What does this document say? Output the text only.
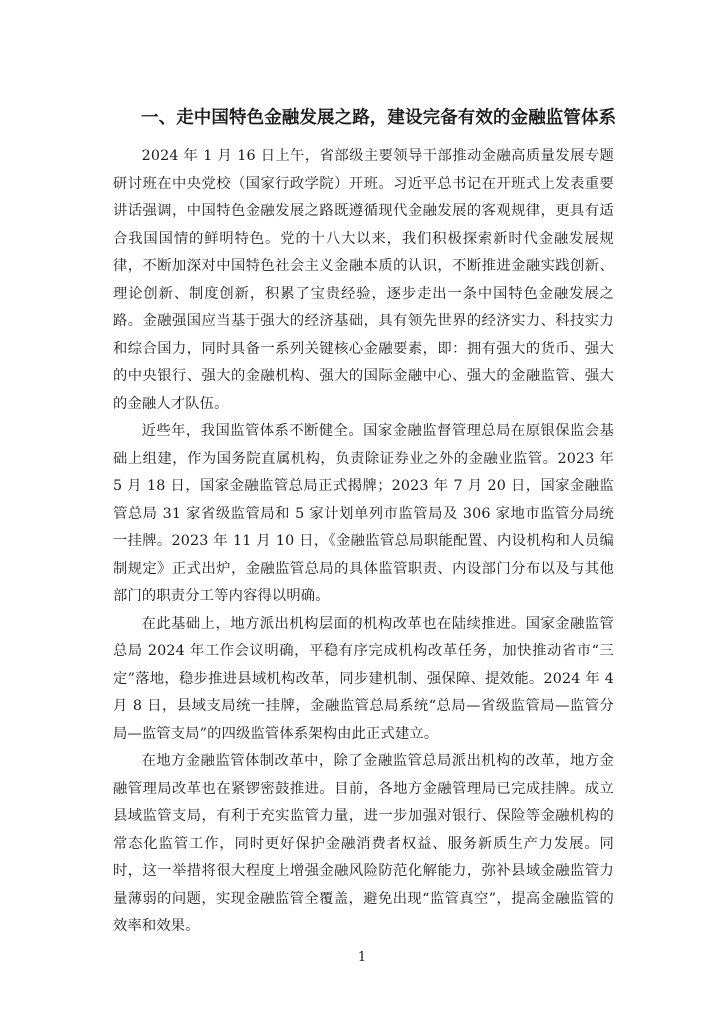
一、走中国特色金融发展之路，建设完备有效的金融监管体系

2024 年 1 月 16 日上午，省部级主要领导干部推动金融高质量发展专题研讨班在中央党校（国家行政学院）开班。习近平总书记在开班式上发表重要讲话强调，中国特色金融发展之路既遵循现代金融发展的客观规律，更具有适合我国国情的鲜明特色。党的十八大以来，我们积极探索新时代金融发展规律，不断加深对中国特色社会主义金融本质的认识，不断推进金融实践创新、理论创新、制度创新，积累了宝贵经验，逐步走出一条中国特色金融发展之路。金融强国应当基于强大的经济基础，具有领先世界的经济实力、科技实力和综合国力，同时具备一系列关键核心金融要素，即：拥有强大的货币、强大的中央银行、强大的金融机构、强大的国际金融中心、强大的金融监管、强大的金融人才队伍。

近些年，我国监管体系不断健全。国家金融监督管理总局在原银保监会基础上组建，作为国务院直属机构，负责除证券业之外的金融业监管。2023 年 5 月 18 日，国家金融监管总局正式揭牌；2023 年 7 月 20 日，国家金融监管总局 31 家省级监管局和 5 家计划单列市监管局及 306 家地市监管分局统一挂牌。2023 年 11 月 10 日，《金融监管总局职能配置、内设机构和人员编制规定》正式出炉，金融监管总局的具体监管职责、内设部门分布以及与其他部门的职责分工等内容得以明确。

在此基础上，地方派出机构层面的机构改革也在陆续推进。国家金融监管总局 2024 年工作会议明确，平稳有序完成机构改革任务，加快推动省市“三定”落地，稳步推进县域机构改革，同步建机制、强保障、提效能。2024 年 4 月 8 日，县域支局统一挂牌，金融监管总局系统“总局—省级监管局—监管分局—监管支局”的四级监管体系架构由此正式建立。

在地方金融监管体制改革中，除了金融监管总局派出机构的改革，地方金融管理局改革也在紧锣密鼓推进。目前，各地方金融管理局已完成挂牌。成立县域监管支局，有利于充实监管力量，进一步加强对银行、保险等金融机构的常态化监管工作，同时更好保护金融消费者权益、服务新质生产力发展。同时，这一举措将很大程度上增强金融风险防范化解能力，弥补县域金融监管力量薄弱的问题，实现金融监管全覆盖，避免出现“监管真空”，提高金融监管的效率和效果。

1
